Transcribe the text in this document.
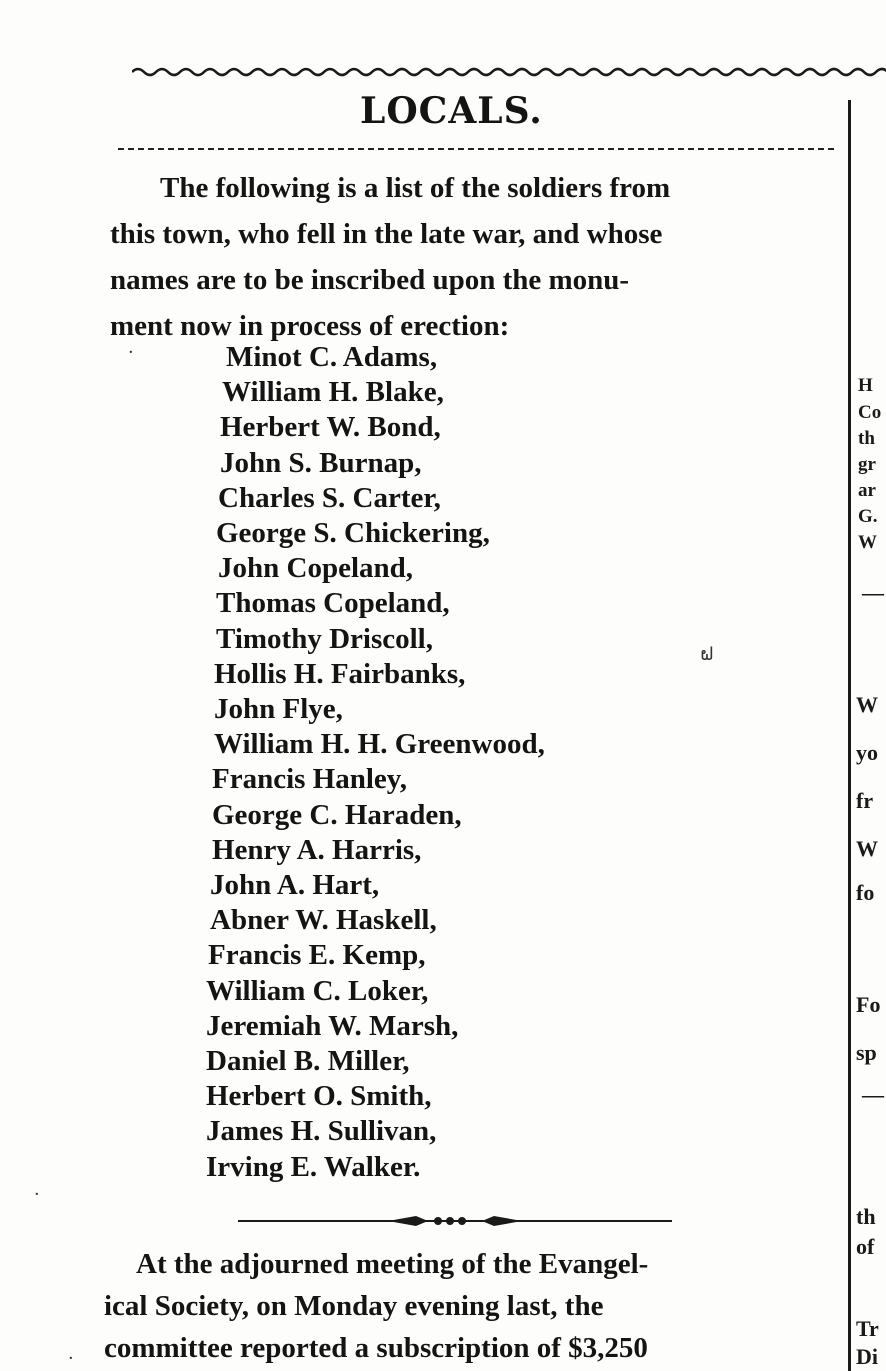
LOCALS.

The following is a list of the soldiers from
this town, who fell in the late war, and whose
names are to be inscribed upon the monu-
ment now in process of erection:

Minot C. Adams,
William H. Blake,
Herbert W. Bond,
John S. Burnap,
Charles S. Carter,
George S. Chickering,
John Copeland,
Thomas Copeland,
Timothy Driscoll,
Hollis H. Fairbanks,
John Flye,
William H. H. Greenwood,
Francis Hanley,
George C. Haraden,
Henry A. Harris,
John A. Hart,
Abner W. Haskell,
Francis E. Kemp,
William C. Loker,
Jeremiah W. Marsh,
Daniel B. Miller,
Herbert O. Smith,
James H. Sullivan,
Irving E. Walker.

At the adjourned meeting of the Evangel-
ical Society, on Monday evening last, the
committee reported a subscription of $3,250

H
Co
th
gr
ar
G.
W
—
W
yo
fr
W
fo
Fo
sp
—
th
of
Tr
Di
·
ຝ
·
·
